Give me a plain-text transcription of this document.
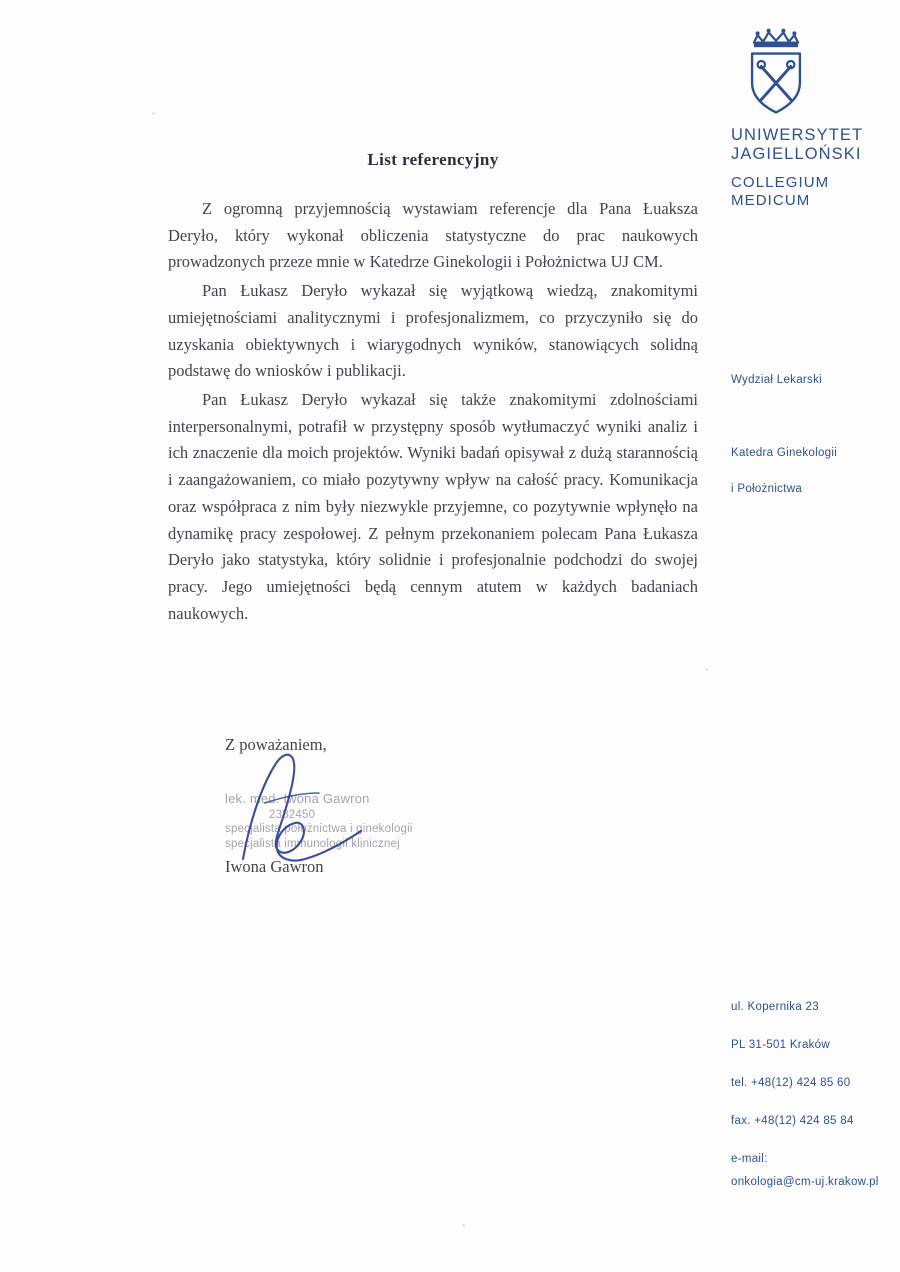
List referencyjny

Z ogromną przyjemnością wystawiam referencje dla Pana Łuaksza Deryło, który wykonał obliczenia statystyczne do prac naukowych prowadzonych przeze mnie w Katedrze Ginekologii i Położnictwa UJ CM.

Pan Łukasz Deryło wykazał się wyjątkową wiedzą, znakomitymi umiejętnościami analitycznymi i profesjonalizmem, co przyczyniło się do uzyskania obiektywnych i wiarygodnych wyników, stanowiących solidną podstawę do wniosków i publikacji.

Pan Łukasz Deryło wykazał się także znakomitymi zdolnościami interpersonalnymi, potrafił w przystępny sposób wytłumaczyć wyniki analiz i ich znaczenie dla moich projektów. Wyniki badań opisywał z dużą starannością i zaangażowaniem, co miało pozytywny wpływ na całość pracy. Komunikacja oraz współpraca z nim były niezwykle przyjemne, co pozytywnie wpłynęło na dynamikę pracy zespołowej. Z pełnym przekonaniem polecam Pana Łukasza Deryło jako statystyka, który solidnie i profesjonalnie podchodzi do swojej pracy. Jego umiejętności będą cennym atutem w każdych badaniach naukowych.

Z poważaniem,

lek. med. Iwona Gawron
2382450
specjalista położnictwa i ginekologii
specjalista immunologii klinicznej
Iwona Gawron
UNIWERSYTET
JAGIELLOŃSKI
COLLEGIUM
MEDICUM
Wydział Lekarski
Katedra Ginekologii
i Położnictwa
ul. Kopernika 23
PL 31-501 Kraków
tel. +48(12) 424 85 60
fax. +48(12) 424 85 84
e-mail:
onkologia@cm-uj.krakow.pl
